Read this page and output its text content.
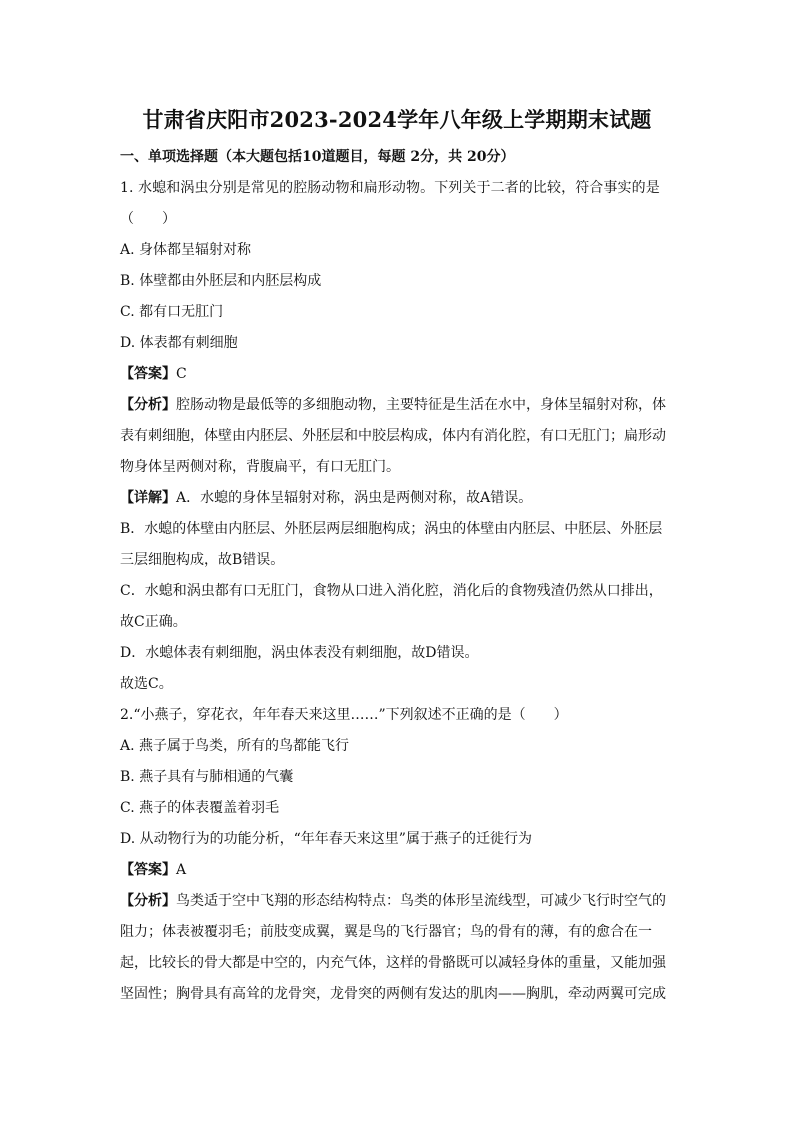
甘肃省庆阳市2023-2024学年八年级上学期期末试题
一、单项选择题（本大题包括10道题目，每题 2分，共 20分）
1. 水螅和涡虫分别是常见的腔肠动物和扁形动物。下列关于二者的比较，符合事实的是
（　　）
A. 身体都呈辐射对称
B. 体壁都由外胚层和内胚层构成
C. 都有口无肛门
D. 体表都有刺细胞
【答案】C
【分析】腔肠动物是最低等的多细胞动物，主要特征是生活在水中，身体呈辐射对称，体
表有刺细胞，体壁由内胚层、外胚层和中胶层构成，体内有消化腔，有口无肛门；扁形动
物身体呈两侧对称，背腹扁平，有口无肛门。
【详解】A．水螅的身体呈辐射对称，涡虫是两侧对称，故A错误。
B．水螅的体壁由内胚层、外胚层两层细胞构成；涡虫的体壁由内胚层、中胚层、外胚层
三层细胞构成，故B错误。
C．水螅和涡虫都有口无肛门，食物从口进入消化腔，消化后的食物残渣仍然从口排出，
故C正确。
D．水螅体表有刺细胞，涡虫体表没有刺细胞，故D错误。
故选C。
2.“小燕子，穿花衣，年年春天来这里……”下列叙述不正确的是（　　）
A. 燕子属于鸟类，所有的鸟都能飞行
B. 燕子具有与肺相通的气囊
C. 燕子的体表覆盖着羽毛
D. 从动物行为的功能分析，“年年春天来这里”属于燕子的迁徙行为
【答案】A
【分析】鸟类适于空中飞翔的形态结构特点：鸟类的体形呈流线型，可减少飞行时空气的
阻力；体表被覆羽毛；前肢变成翼，翼是鸟的飞行器官；鸟的骨有的薄，有的愈合在一
起，比较长的骨大都是中空的，内充气体，这样的骨骼既可以减轻身体的重量，又能加强
坚固性；胸骨具有高耸的龙骨突，龙骨突的两侧有发达的肌肉——胸肌，牵动两翼可完成
